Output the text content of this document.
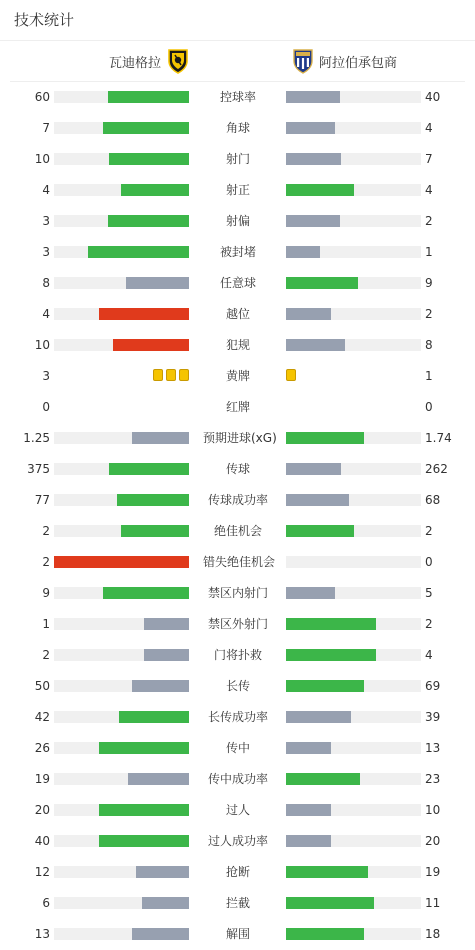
技术统计
瓦迪格拉	阿拉伯承包商
60	控球率	40
7	角球	4
10	射门	7
4	射正	4
3	射偏	2
3	被封堵	1
8	任意球	9
4	越位	2
10	犯规	8
3	黄牌	1
0	红牌	0
1.25	预期进球(xG)	1.74
375	传球	262
77	传球成功率	68
2	绝佳机会	2
2	错失绝佳机会	0
9	禁区内射门	5
1	禁区外射门	2
2	门将扑救	4
50	长传	69
42	长传成功率	39
26	传中	13
19	传中成功率	23
20	过人	10
40	过人成功率	20
12	抢断	19
6	拦截	11
13	解围	18
